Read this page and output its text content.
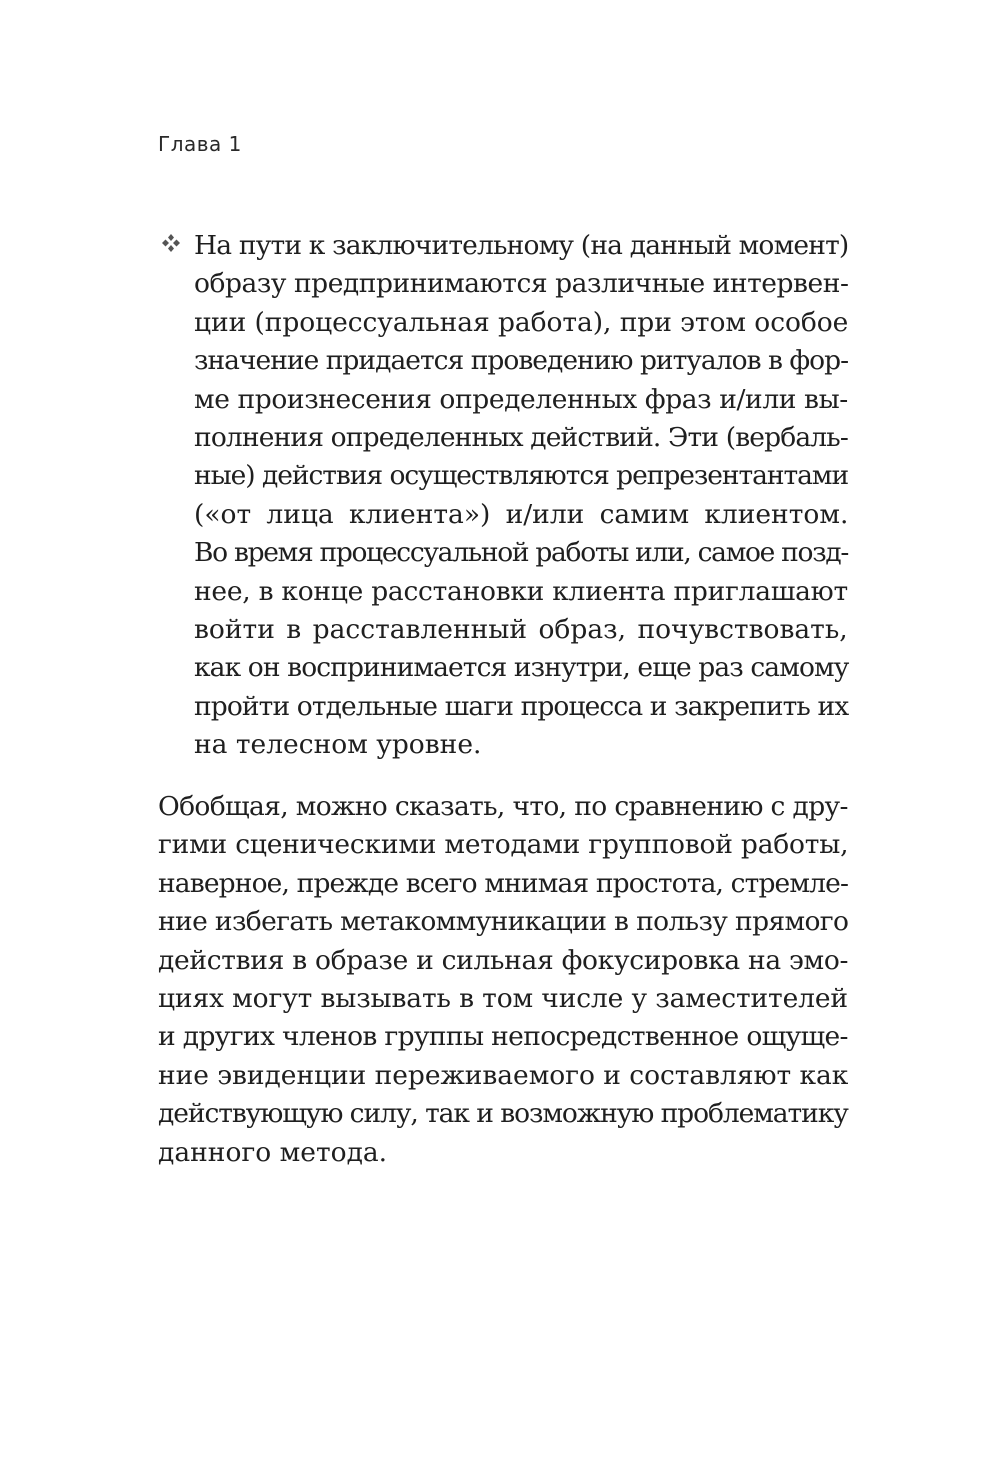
Глава 1
На пути к заключительному (на данный момент)
образу предпринимаются различные интервен-
ции (процессуальная работа), при этом особое
значение придается проведению ритуалов в фор-
ме произнесения определенных фраз и/или вы-
полнения определенных действий. Эти (вербаль-
ные) действия осуществляются репрезентантами
(«от лица клиента») и/или самим клиентом.
Во время процессуальной работы или, самое позд-
нее, в конце расстановки клиента приглашают
войти в расставленный образ, почувствовать,
как он воспринимается изнутри, еще раз самому
пройти отдельные шаги процесса и закрепить их
на телесном уровне.
Обобщая, можно сказать, что, по сравнению с дру-
гими сценическими методами групповой работы,
наверное, прежде всего мнимая простота, стремле-
ние избегать метакоммуникации в пользу прямого
действия в образе и сильная фокусировка на эмо-
циях могут вызывать в том числе у заместителей
и других членов группы непосредственное ощуще-
ние эвиденции переживаемого и составляют как
действующую силу, так и возможную проблематику
данного метода.
